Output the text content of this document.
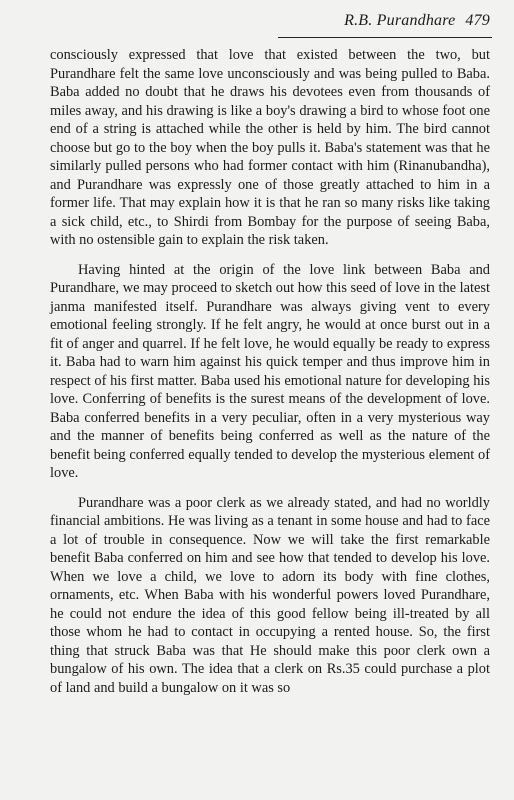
R.B. Purandhare 479

consciously expressed that love that existed between the two, but Purandhare felt the same love unconsciously and was being pulled to Baba. Baba added no doubt that he draws his devotees even from thousands of miles away, and his drawing is like a boy's drawing a bird to whose foot one end of a string is attached while the other is held by him. The bird cannot choose but go to the boy when the boy pulls it. Baba's statement was that he similarly pulled persons who had former contact with him (Rinanubandha), and Purandhare was expressly one of those greatly attached to him in a former life. That may explain how it is that he ran so many risks like taking a sick child, etc., to Shirdi from Bombay for the purpose of seeing Baba, with no ostensible gain to explain the risk taken.

Having hinted at the origin of the love link between Baba and Purandhare, we may proceed to sketch out how this seed of love in the latest janma manifested itself. Purandhare was always giving vent to every emotional feeling strongly. If he felt angry, he would at once burst out in a fit of anger and quarrel. If he felt love, he would equally be ready to express it. Baba had to warn him against his quick temper and thus improve him in respect of his first matter. Baba used his emotional nature for developing his love. Conferring of benefits is the surest means of the development of love. Baba conferred benefits in a very peculiar, often in a very mysterious way and the manner of benefits being conferred as well as the nature of the benefit being conferred equally tended to develop the mysterious element of love.

Purandhare was a poor clerk as we already stated, and had no worldly financial ambitions. He was living as a tenant in some house and had to face a lot of trouble in consequence. Now we will take the first remarkable benefit Baba conferred on him and see how that tended to develop his love. When we love a child, we love to adorn its body with fine clothes, ornaments, etc. When Baba with his wonderful powers loved Purandhare, he could not endure the idea of this good fellow being ill-treated by all those whom he had to contact in occupying a rented house. So, the first thing that struck Baba was that He should make this poor clerk own a bungalow of his own. The idea that a clerk on Rs.35 could purchase a plot of land and build a bungalow on it was so
